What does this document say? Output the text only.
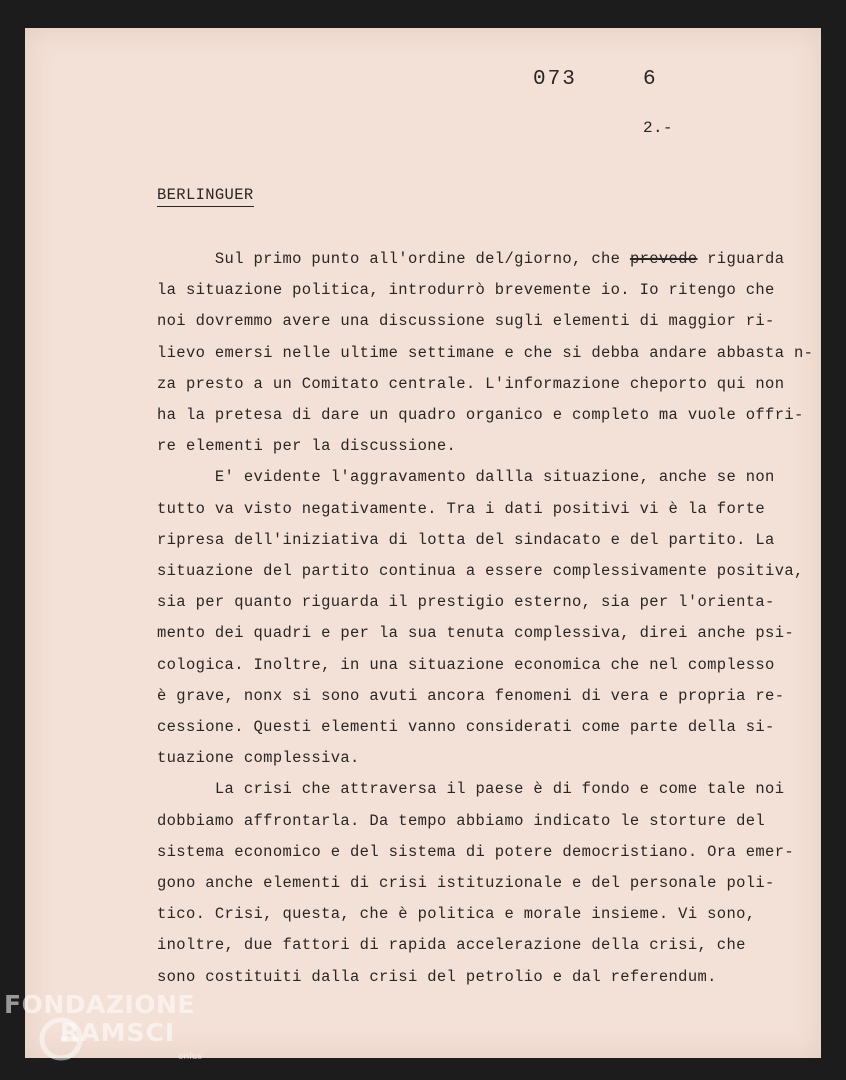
073	6
2.-
BERLINGUER
Sul primo punto all'ordine del/giorno, che prevede riguarda
la situazione politica, introdurrò brevemente io. Io ritengo che
noi dovremmo avere una discussione sugli elementi di maggior ri-
lievo emersi nelle ultime settimane e che si debba andare abbasta n-
za presto a un Comitato centrale. L'informazione cheporto qui non
ha la pretesa di dare un quadro organico e completo ma vuole offri-
re elementi per la discussione.
E' evidente l'aggravamento dallla situazione, anche se non
tutto va visto negativamente. Tra i dati positivi vi è la forte
ripresa dell'iniziativa di lotta del sindacato e del partito. La
situazione del partito continua a essere complessivamente positiva,
sia per quanto riguarda il prestigio esterno, sia per l'orienta-
mento dei quadri e per la sua tenuta complessiva, direi anche psi-
cologica. Inoltre, in una situazione economica che nel complesso
è grave, nonx si sono avuti ancora fenomeni di vera e propria re-
cessione. Questi elementi vanno considerati come parte della si-
tuazione complessiva.
La crisi che attraversa il paese è di fondo e come tale noi
dobbiamo affrontarla. Da tempo abbiamo indicato le storture del
sistema economico e del sistema di potere democristiano. Ora emer-
gono anche elementi di crisi istituzionale e del personale poli-
tico. Crisi, questa, che è politica e morale insieme. Vi sono,
inoltre, due fattori di rapida accelerazione della crisi, che
sono costituiti dalla crisi del petrolio e dal referendum.
FONDAZIONE
RAMSCI
onlus
